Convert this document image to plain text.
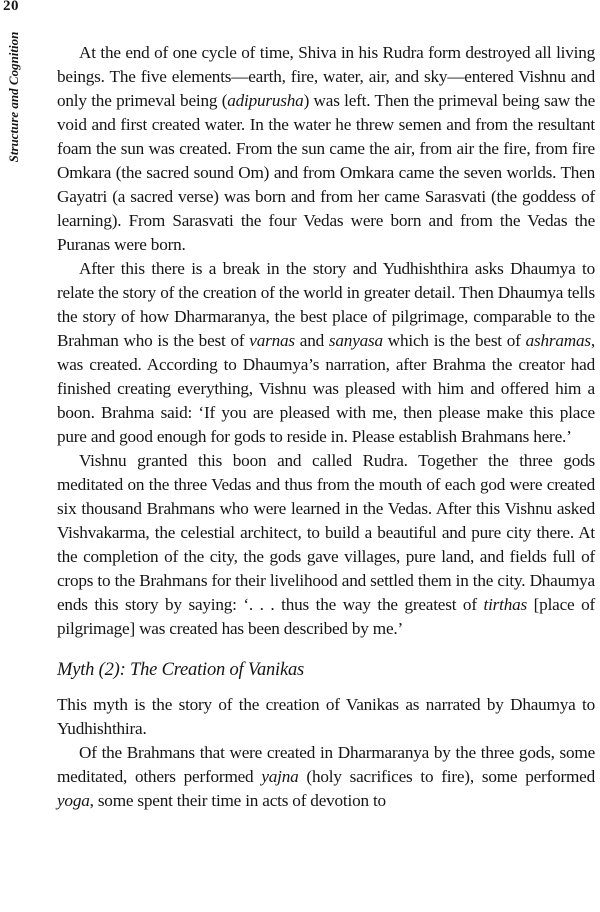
20
Structure and Cognition	At the end of one cycle of time, Shiva in his Rudra form destroyed all living beings. The five elements—earth, fire, water, air, and sky—entered Vishnu and only the primeval being (adipurusha) was left. Then the primeval being saw the void and first created water. In the water he threw semen and from the resultant foam the sun was created. From the sun came the air, from air the fire, from fire Omkara (the sacred sound Om) and from Omkara came the seven worlds. Then Gayatri (a sacred verse) was born and from her came Sarasvati (the goddess of learning). From Sarasvati the four Vedas were born and from the Vedas the Puranas were born.

After this there is a break in the story and Yudhishthira asks Dhaumya to relate the story of the creation of the world in greater detail. Then Dhaumya tells the story of how Dharmaranya, the best place of pilgrimage, comparable to the Brahman who is the best of varnas and sanyasa which is the best of ashramas, was created. According to Dhaumya’s narration, after Brahma the creator had finished creating everything, Vishnu was pleased with him and offered him a boon. Brahma said: ‘If you are pleased with me, then please make this place pure and good enough for gods to reside in. Please establish Brahmans here.’

Vishnu granted this boon and called Rudra. Together the three gods meditated on the three Vedas and thus from the mouth of each god were created six thousand Brahmans who were learned in the Vedas. After this Vishnu asked Vishvakarma, the celestial architect, to build a beautiful and pure city there. At the completion of the city, the gods gave villages, pure land, and fields full of crops to the Brahmans for their livelihood and settled them in the city. Dhaumya ends this story by saying: ‘. . . thus the way the greatest of tirthas [place of pilgrimage] was created has been described by me.’

Myth (2): The Creation of Vanikas

This myth is the story of the creation of Vanikas as narrated by Dhaumya to Yudhishthira.

Of the Brahmans that were created in Dharmaranya by the three gods, some meditated, others performed yajna (holy sacrifices to fire), some performed yoga, some spent their time in acts of devotion to
